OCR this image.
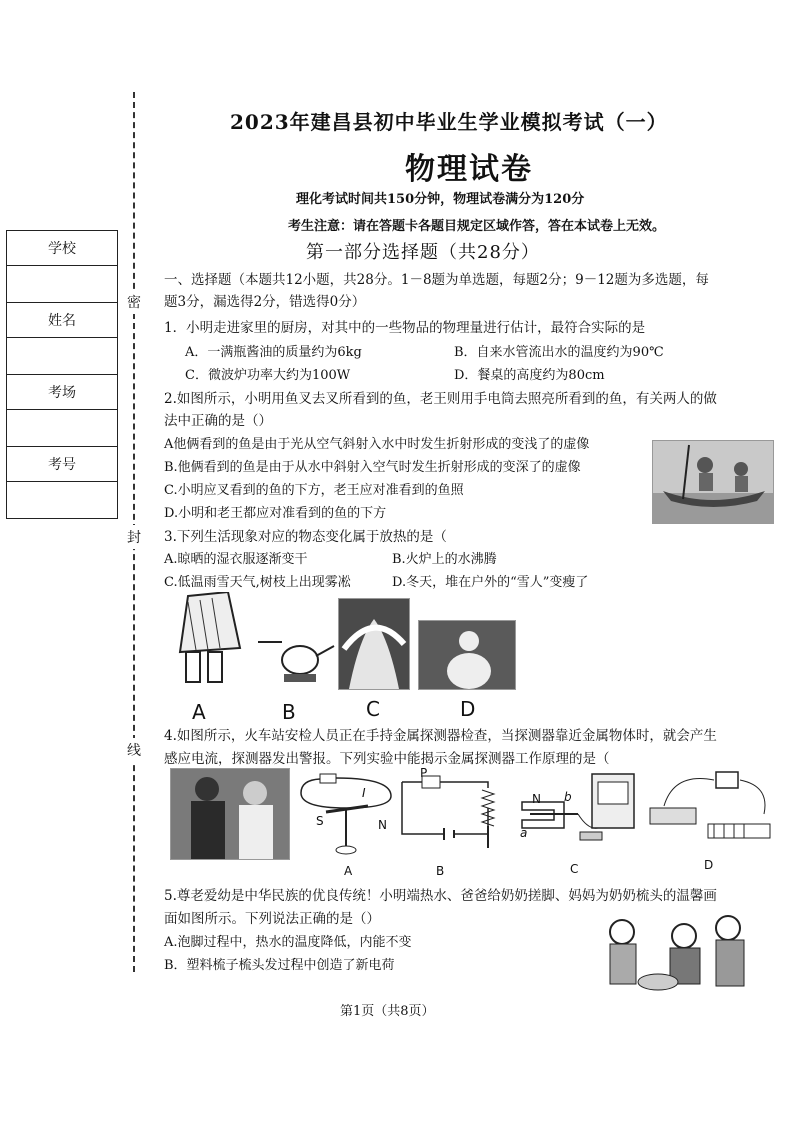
学校

姓名

考场

考号

密
封
线
2023年建昌县初中毕业生学业模拟考试（一）
物理试卷
理化考试时间共150分钟，物理试卷满分为120分
考生注意：请在答题卡各题目规定区域作答，答在本试卷上无效。
第一部分选择题（共28分）
一、选择题（本题共12小题，共28分。1－8题为单选题，每题2分；9－12题为多选题，每
题3分，漏选得2分，错选得0分）
1．小明走进家里的厨房，对其中的一些物品的物理量进行估计，最符合实际的是
A．一满瓶酱油的质量约为6kg	B．自来水管流出水的温度约为90℃
C．微波炉功率大约为100W	D．餐桌的高度约为80cm
2.如图所示，小明用鱼叉去叉所看到的鱼，老王则用手电筒去照亮所看到的鱼，有关两人的做
法中正确的是（）
A他俩看到的鱼是由于光从空气斜射入水中时发生折射形成的变浅了的虚像
B.他俩看到的鱼是由于从水中斜射入空气时发生折射形成的变深了的虚像
C.小明应叉看到的鱼的下方，老王应对准看到的鱼照
D.小明和老王都应对准看到的鱼的下方
3.下列生活现象对应的物态变化属于放热的是（
A.晾晒的湿衣服逐渐变干	B.火炉上的水沸腾
C.低温雨雪天气,树枝上出现雾凇	D.冬天，堆在户外的“雪人”变瘦了
A	B	C	D
4.如图所示，火车站安检人员正在手持金属探测器检查，当探测器靠近金属物体时，就会产生
感应电流，探测器发出警报。下列实验中能揭示金属探测器工作原理的是（
I
S	N
A
P
B
N
a
b
C	D
5.尊老爱幼是中华民族的优良传统！小明端热水、爸爸给奶奶搓脚、妈妈为奶奶梳头的温馨画
面如图所示。下列说法正确的是（）
A.泡脚过程中，热水的温度降低，内能不变
B．塑料梳子梳头发过程中创造了新电荷
第1页（共8页）
